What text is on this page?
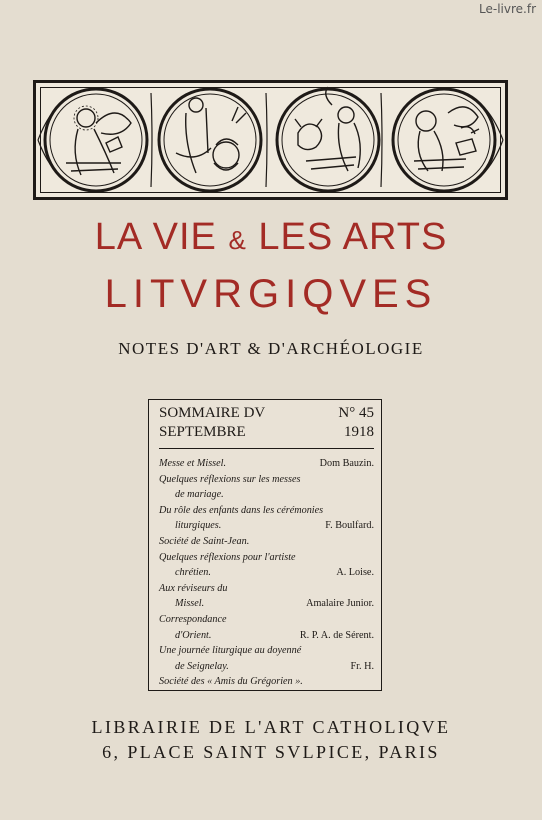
Le-livre.fr
LA VIE & LES ARTS
LITVRGIQVES
NOTES D'ART & D'ARCHÉOLOGIE
SOMMAIRE DV	N° 45
SEPTEMBRE	1918
Messe et Missel.	Dom Bauzin.
Quelques réflexions sur les messes
de mariage.
Du rôle des enfants dans les cérémonies
liturgiques.	F. Boulfard.
Société de Saint-Jean.
Quelques réflexions pour l'artiste
chrétien.	A. Loise.
Aux réviseurs du
Missel.	Amalaire Junior.
Correspondance
d'Orient.	R. P. A. de Sérent.
Une journée liturgique au doyenné
de Seignelay.	Fr. H.
Société des « Amis du Grégorien ».
LIBRAIRIE DE L'ART CATHOLIQVE
6, PLACE SAINT SVLPICE, PARIS
